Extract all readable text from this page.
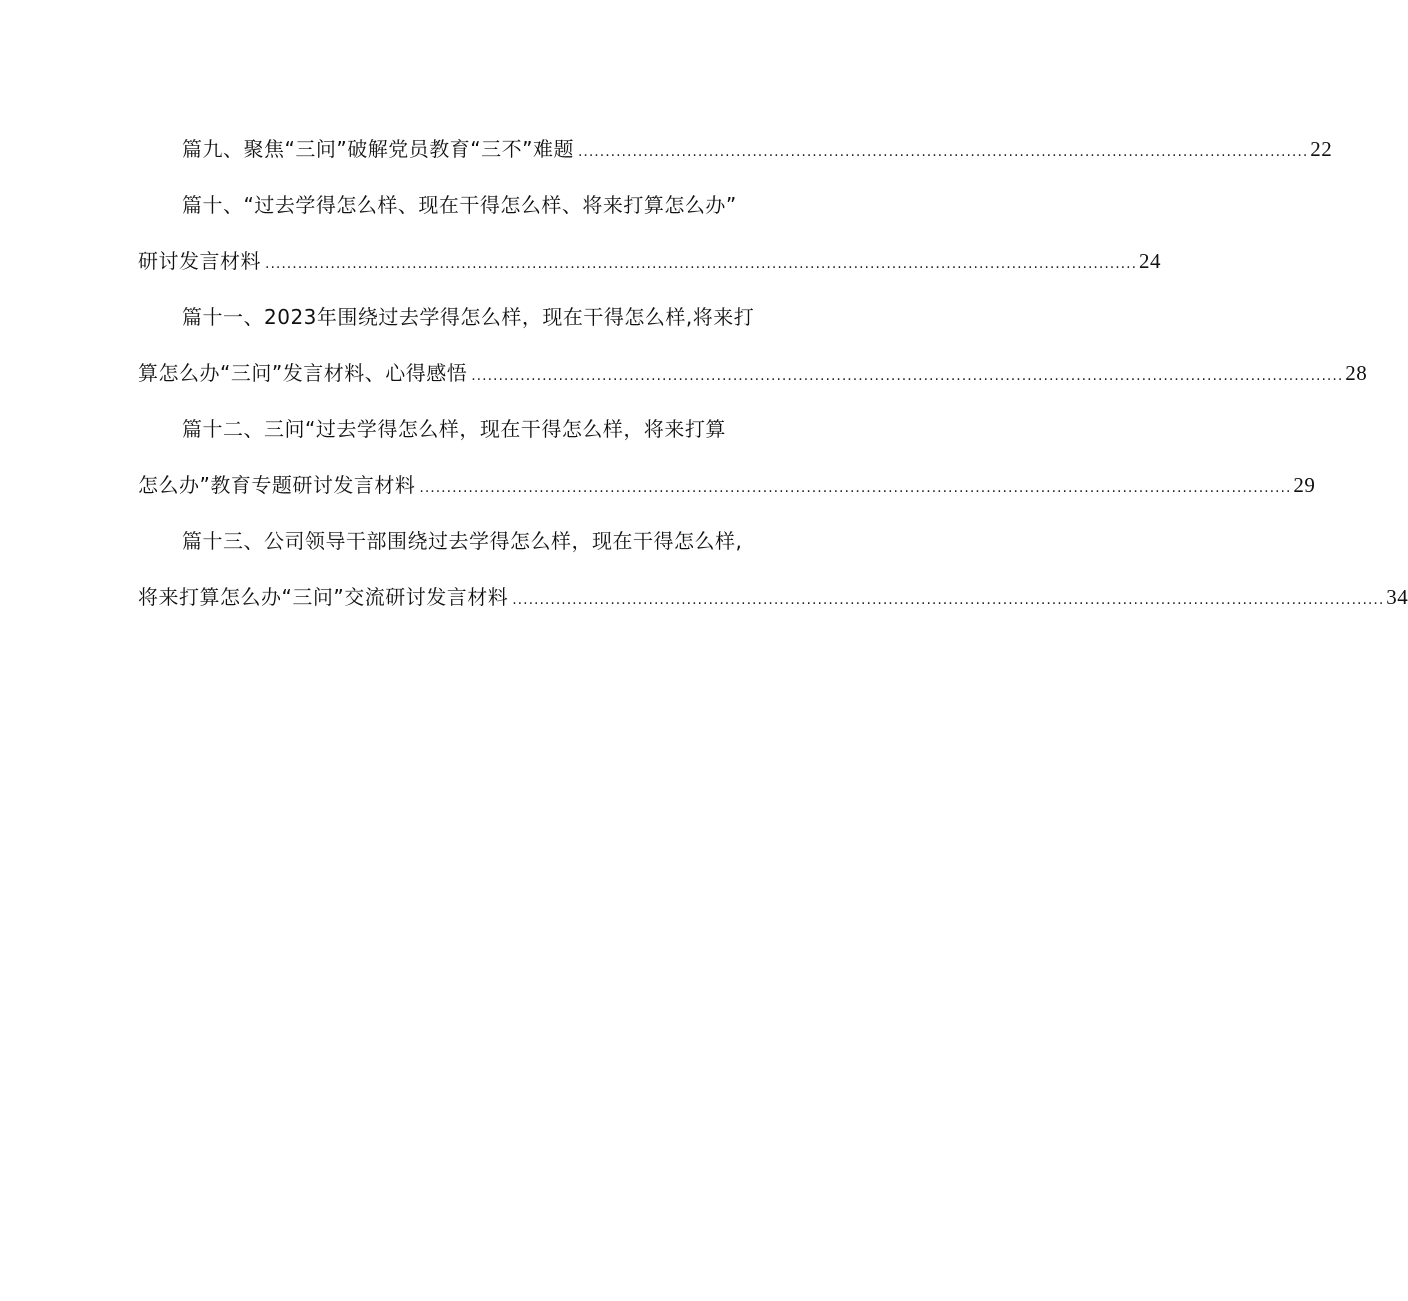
篇九、聚焦“三问”破解党员教育“三不”难题 ...................................................................................................................................... 22
篇十、“过去学得怎么样、现在干得怎么样、将来打算怎么办”
研讨发言材料 ................................................................................................................................................................ 24
篇十一、2023年围绕过去学得怎么样，现在干得怎么样,将来打
算怎么办“三问”发言材料、心得感悟 ................................................................................................................................................................ 28
篇十二、三问“过去学得怎么样，现在干得怎么样，将来打算
怎么办”教育专题研讨发言材料 ................................................................................................................................................................ 29
篇十三、公司领导干部围绕过去学得怎么样，现在干得怎么样,
将来打算怎么办“三问”交流研讨发言材料 ................................................................................................................................................................ 34
